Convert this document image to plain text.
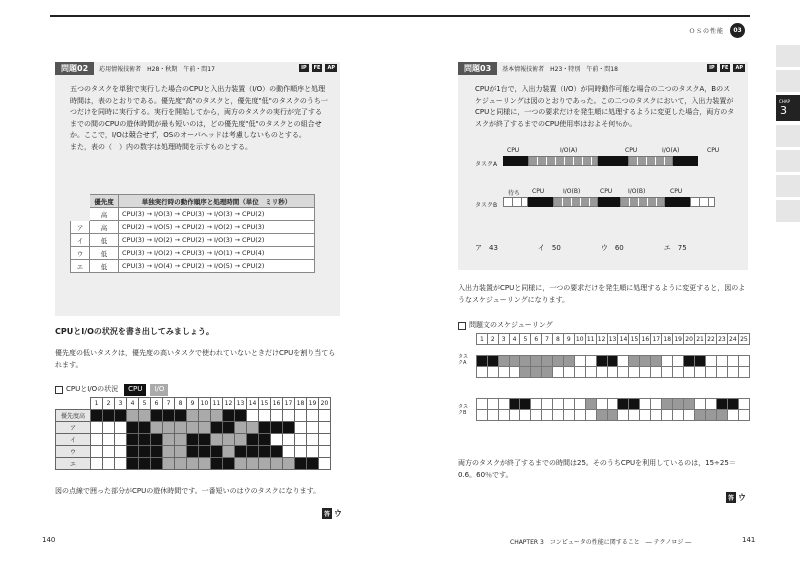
ＯＳの性能	03
CHAP
3
問題02	応用情報技術者　H28・秋期　午前・問17	IP	FE	AP
五つのタスクを単独で実行した場合のCPUと入出力装置（I/O）の動作順序と処理時間は，表のとおりである。優先度"高"のタスクと，優先度"低"のタスクのうち一つだけを同時に実行する。実行を開始してから，両方のタスクの実行が完了するまでの間のCPUの遊休時間が最も短いのは，どの優先度"低"のタスクとの組合せか。ここで，I/Oは競合せず，OSのオーバヘッドは考慮しないものとする。
また，表の（　）内の数字は処理時間を示すものとする。
	優先度	単独実行時の動作順序と処理時間（単位　ミリ秒）
	高	CPU(3) → I/O(3) → CPU(3) → I/O(3) → CPU(2)
ア	高	CPU(2) → I/O(5) → CPU(2) → I/O(2) → CPU(3)
イ	低	CPU(3) → I/O(2) → CPU(2) → I/O(3) → CPU(2)
ウ	低	CPU(3) → I/O(2) → CPU(3) → I/O(1) → CPU(4)
エ	低	CPU(3) → I/O(4) → CPU(2) → I/O(5) → CPU(2)
CPUとI/Oの状況を書き出してみましょう。
優先度の低いタスクは，優先度の高いタスクで使われていないときだけCPUを割り当てられます。
CPUとI/Oの状況	CPU	I/O
	1	2	3	4	5	6	7	8	9	10	11	12	13	14	15	16	17	18	19	20
優先度高																				
ア																				
イ																				
ウ																				
エ																				
図の点線で囲った部分がCPUの遊休時間です。一番短いのはウのタスクになります。
答 ウ
140
問題03	基本情報技術者　H23・特別　午前・問18	IP	FE	AP
CPUが1台で，入出力装置（I/O）が同時動作可能な場合の二つのタスクA，Bのスケジューリングは図のとおりであった。この二つのタスクにおいて，入出力装置がCPUと同様に，一つの要求だけを発生順に処理するように変更した場合，両方のタスクが終了するまでのCPU使用率はおよそ何％か。
CPU	I/O(A)	CPU	I/O(A)	CPU
タスクA
待ち CPU	I/O(B)	CPU	I/O(B)	CPU
タスクB
ア　43	イ　50	ウ　60	エ　75
入出力装置がCPUと同様に，一つの要求だけを発生順に処理するように変更すると，図のようなスケジューリングになります。
問題文のスケジューリング
1	2	3	4	5	6	7	8	9	10	11	12	13	14	15	16	17	18	19	20	21	22	23	24	25

タスクA
タスクB
両方のタスクが終了するまでの時間は25。そのうちCPUを利用しているのは，15÷25＝0.6。60％です。
答 ウ
CHAPTER 3　コンピュータの性能に関すること　― テクノロジ ―	141
